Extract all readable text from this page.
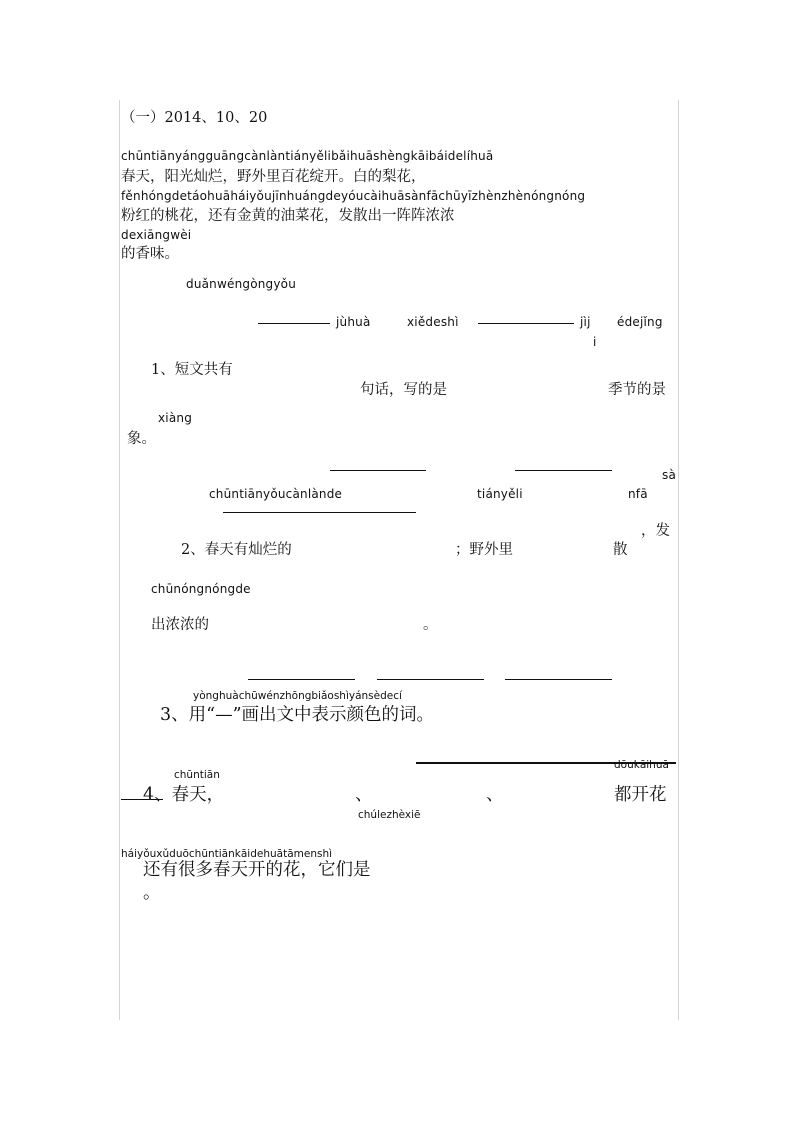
（一）2014、10、20
chūntiānyángguāngcànlàntiányělibǎihuāshèngkāibáidelíhuā
春天，阳光灿烂，野外里百花绽开。白的梨花，
fěnhóngdetáohuāháiyǒujīnhuángdeyóucàihuāsànfāchūyīzhènzhènóngnóng
粉红的桃花，还有金黄的油菜花，发散出一阵阵浓浓
dexiāngwèi
的香味。
duǎnwéngòngyǒu
jùhuà	xiědeshì	jìj édejǐng
i
1、短文共有
句话，写的是	季节的景
xiàng
象。
sà
chūntiānyǒucànlànde	tiányěli	nfā
，发
2、春天有灿烂的	；野外里	散
chūnóngnóngde
出浓浓的	。
yònghuàchūwénzhōngbiǎoshìyánsèdecí
3、用“—”画出文中表示颜色的词。
dōukāihuā
chūntiān
4、春天，	、	、	都开花
chúlezhèxiē
háiyǒuxǔduōchūntiānkāidehuātāmenshì
还有很多春天开的花，它们是
。
